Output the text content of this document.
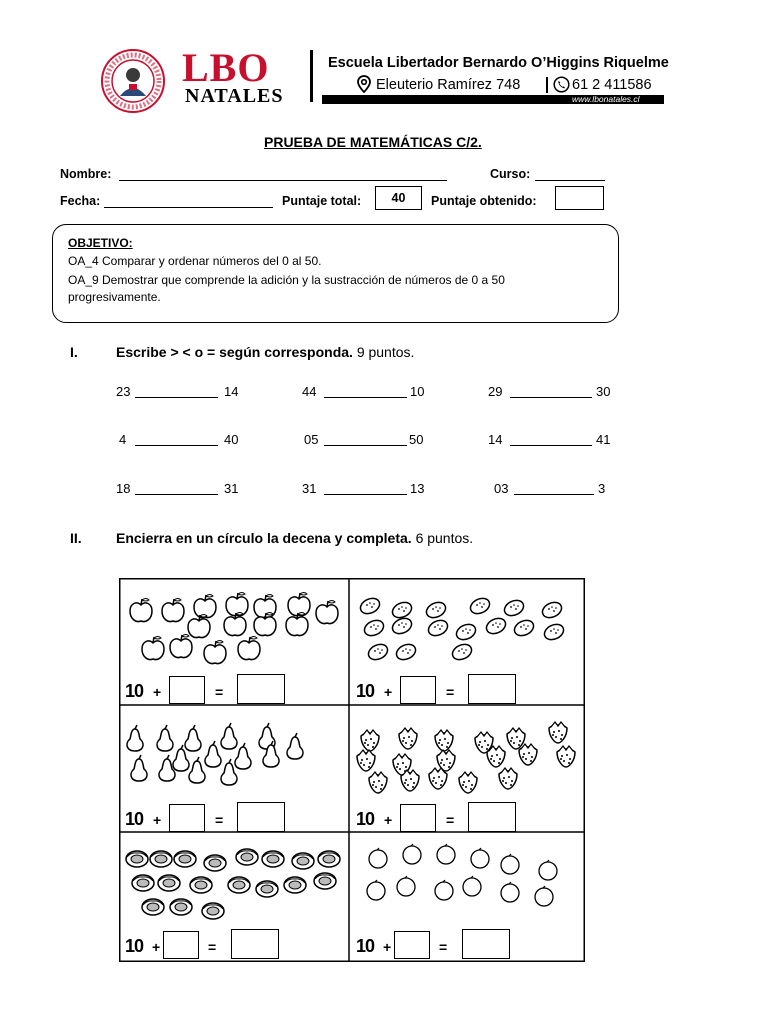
LBO
NATALES
Escuela Libertador Bernardo O’Higgins Riquelme
Eleuterio Ramírez 748	61 2 411586
www.lbonatales.cl
PRUEBA DE MATEMÁTICAS C/2.
Nombre:	Curso:
Fecha:	Puntaje total: 40 Puntaje obtenido:
OBJETIVO:
OA_4 Comparar y ordenar números del 0 al 50.
OA_9 Demostrar que comprende la adición y la sustracción de números de 0 a 50
progresivamente.
I.	Escribe > < o = según corresponda. 9 puntos.
23	14	44	10	29	30
4	40	05	50	14	41
18	31	31	13	03	3
II. Encierra en un círculo la decena y completa. 6 puntos.
10 +	=	10 +	=
10 +	=	10 +	=
10 +	=	10 +	=
